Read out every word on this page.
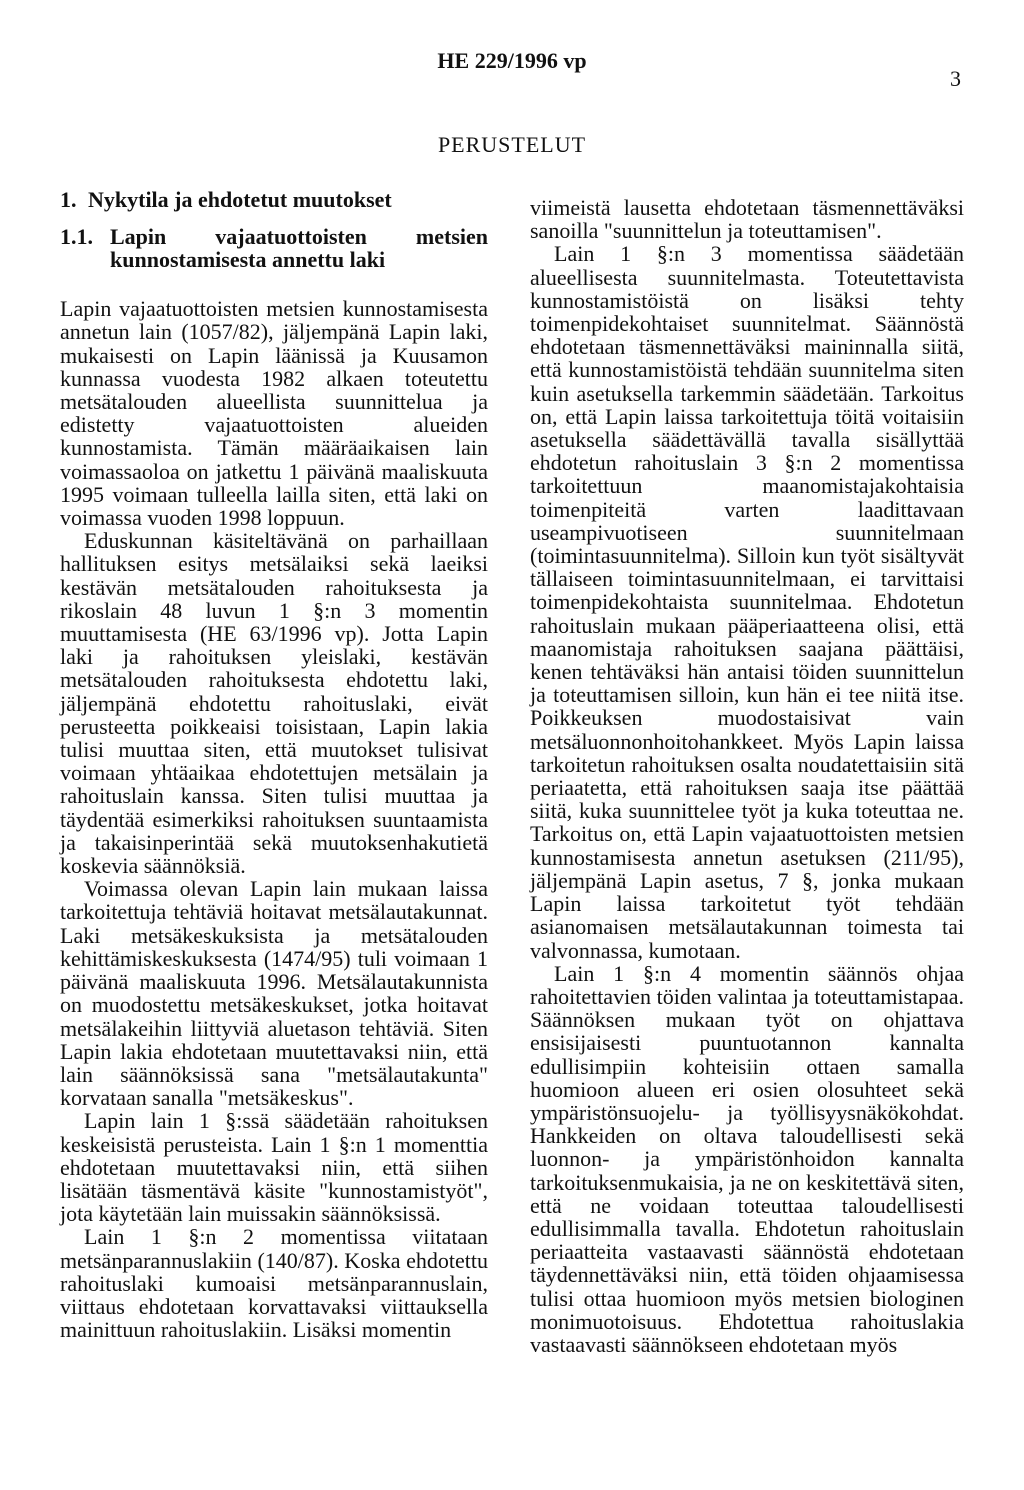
HE 229/1996 vp
3
PERUSTELUT
1. Nykytila ja ehdotetut muutokset
1.1. Lapin vajaatuottoisten metsien kunnostamisesta annettu laki

Lapin vajaatuottoisten metsien kunnostamisesta annetun lain (1057/82), jäljempänä Lapin laki, mukaisesti on Lapin läänissä ja Kuusamon kunnassa vuodesta 1982 alkaen toteutettu metsätalouden alueellista suunnittelua ja edistetty vajaatuottoisten alueiden kunnostamista. Tämän määräaikaisen lain voimassaoloa on jatkettu 1 päivänä maaliskuuta 1995 voimaan tulleella lailla siten, että laki on voimassa vuoden 1998 loppuun.

Eduskunnan käsiteltävänä on parhaillaan hallituksen esitys metsälaiksi sekä laeiksi kestävän metsätalouden rahoituksesta ja rikoslain 48 luvun 1 §:n 3 momentin muuttamisesta (HE 63/1996 vp). Jotta Lapin laki ja rahoituksen yleislaki, kestävän metsätalouden rahoituksesta ehdotettu laki, jäljempänä ehdotettu rahoituslaki, eivät perusteetta poikkeaisi toisistaan, Lapin lakia tulisi muuttaa siten, että muutokset tulisivat voimaan yhtäaikaa ehdotettujen metsälain ja rahoituslain kanssa. Siten tulisi muuttaa ja täydentää esimerkiksi rahoituksen suuntaamista ja takaisinperintää sekä muutoksenhakutietä koskevia säännöksiä.

Voimassa olevan Lapin lain mukaan laissa tarkoitettuja tehtäviä hoitavat metsälautakunnat. Laki metsäkeskuksista ja metsätalouden kehittämiskeskuksesta (1474/95) tuli voimaan 1 päivänä maaliskuuta 1996. Metsälautakunnista on muodostettu metsäkeskukset, jotka hoitavat metsälakeihin liittyviä aluetason tehtäviä. Siten Lapin lakia ehdotetaan muutettavaksi niin, että lain säännöksissä sana "metsälautakunta" korvataan sanalla "metsäkeskus".

Lapin lain 1 §:ssä säädetään rahoituksen keskeisistä perusteista. Lain 1 §:n 1 momenttia ehdotetaan muutettavaksi niin, että siihen lisätään täsmentävä käsite "kunnostamistyöt", jota käytetään lain muissakin säännöksissä.

Lain 1 §:n 2 momentissa viitataan metsänparannuslakiin (140/87). Koska ehdotettu rahoituslaki kumoaisi metsänparannuslain, viittaus ehdotetaan korvattavaksi viittauksella mainittuun rahoituslakiin. Lisäksi momentin

viimeistä lausetta ehdotetaan täsmennettäväksi sanoilla "suunnittelun ja toteuttamisen".

Lain 1 §:n 3 momentissa säädetään alueellisesta suunnitelmasta. Toteutettavista kunnostamistöistä on lisäksi tehty toimenpidekohtaiset suunnitelmat. Säännöstä ehdotetaan täsmennettäväksi maininnalla siitä, että kunnostamistöistä tehdään suunnitelma siten kuin asetuksella tarkemmin säädetään. Tarkoitus on, että Lapin laissa tarkoitettuja töitä voitaisiin asetuksella säädettävällä tavalla sisällyttää ehdotetun rahoituslain 3 §:n 2 momentissa tarkoitettuun maanomistajakohtaisia toimenpiteitä varten laadittavaan useampivuotiseen suunnitelmaan (toimintasuunnitelma). Silloin kun työt sisältyvät tällaiseen toimintasuunnitelmaan, ei tarvittaisi toimenpidekohtaista suunnitelmaa. Ehdotetun rahoituslain mukaan pääperiaatteena olisi, että maanomistaja rahoituksen saajana päättäisi, kenen tehtäväksi hän antaisi töiden suunnittelun ja toteuttamisen silloin, kun hän ei tee niitä itse. Poikkeuksen muodostaisivat vain metsäluonnonhoitohankkeet. Myös Lapin laissa tarkoitetun rahoituksen osalta noudatettaisiin sitä periaatetta, että rahoituksen saaja itse päättää siitä, kuka suunnittelee työt ja kuka toteuttaa ne. Tarkoitus on, että Lapin vajaatuottoisten metsien kunnostamisesta annetun asetuksen (211/95), jäljempänä Lapin asetus, 7 §, jonka mukaan Lapin laissa tarkoitetut työt tehdään asianomaisen metsälautakunnan toimesta tai valvonnassa, kumotaan.

Lain 1 §:n 4 momentin säännös ohjaa rahoitettavien töiden valintaa ja toteuttamistapaa. Säännöksen mukaan työt on ohjattava ensisijaisesti puuntuotannon kannalta edullisimpiin kohteisiin ottaen samalla huomioon alueen eri osien olosuhteet sekä ympäristönsuojelu- ja työllisyysnäkökohdat. Hankkeiden on oltava taloudellisesti sekä luonnon- ja ympäristönhoidon kannalta tarkoituksenmukaisia, ja ne on keskitettävä siten, että ne voidaan toteuttaa taloudellisesti edullisimmalla tavalla. Ehdotetun rahoituslain periaatteita vastaavasti säännöstä ehdotetaan täydennettäväksi niin, että töiden ohjaamisessa tulisi ottaa huomioon myös metsien biologinen monimuotoisuus. Ehdotettua rahoituslakia vastaavasti säännökseen ehdotetaan myös
